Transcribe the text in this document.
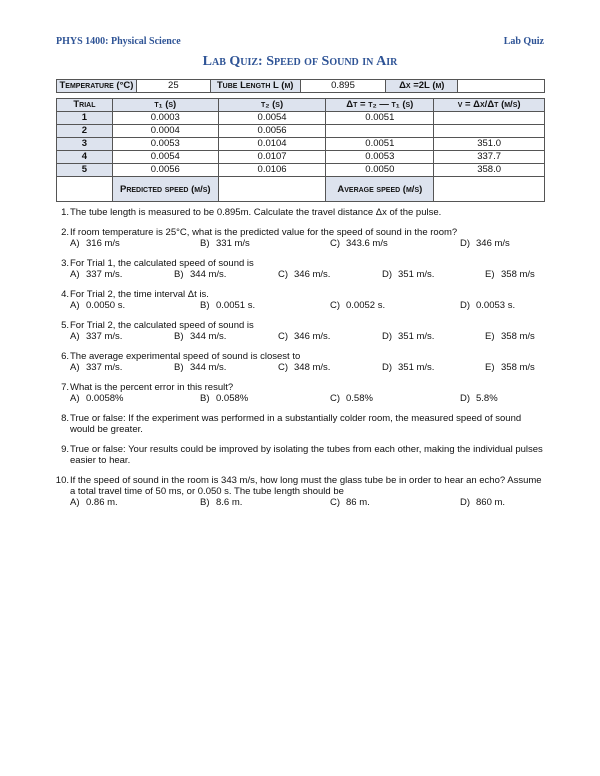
PHYS 1400: Physical Science	Lab Quiz
Lab Quiz: Speed of Sound in Air
Temperature (°C)	25	Tube Length L (m)	0.895	Δx =2L (m)	
Trial	t₁ (s)	t₂ (s)	Δt = t₂ — t₁ (s)	v = Δx/Δt (m/s)
1	0.0003	0.0054	0.0051	
2	0.0004	0.0056		
3	0.0053	0.0104	0.0051	351.0
4	0.0054	0.0107	0.0053	337.7
5	0.0056	0.0106	0.0050	358.0
	Predicted speed (m/s)		Average speed (m/s)	
1. The tube length is measured to be 0.895m. Calculate the travel distance Δx of the pulse.
2. If room temperature is 25°C, what is the predicted value for the speed of sound in the room?
A) 316 m/s	B) 331 m/s	C) 343.6 m/s	D) 346 m/s
3. For Trial 1, the calculated speed of sound is
A) 337 m/s.	B) 344 m/s.	C) 346 m/s.	D) 351 m/s.	E) 358 m/s
4. For Trial 2, the time interval Δt is.
A) 0.0050 s.	B) 0.0051 s.	C) 0.0052 s.	D) 0.0053 s.
5. For Trial 2, the calculated speed of sound is
A) 337 m/s.	B) 344 m/s.	C) 346 m/s.	D) 351 m/s.	E) 358 m/s
6. The average experimental speed of sound is closest to
A) 337 m/s.	B) 344 m/s.	C) 348 m/s.	D) 351 m/s.	E) 358 m/s
7. What is the percent error in this result?
A) 0.0058%	B) 0.058%	C) 0.58%	D) 5.8%
8. True or false: If the experiment was performed in a substantially colder room, the measured speed of sound would be greater.
9. True or false: Your results could be improved by isolating the tubes from each other, making the individual pulses easier to hear.
10. If the speed of sound in the room is 343 m/s, how long must the glass tube be in order to hear an echo? Assume a total travel time of 50 ms, or 0.050 s. The tube length should be
A) 0.86 m.	B) 8.6 m.	C) 86 m.	D) 860 m.
